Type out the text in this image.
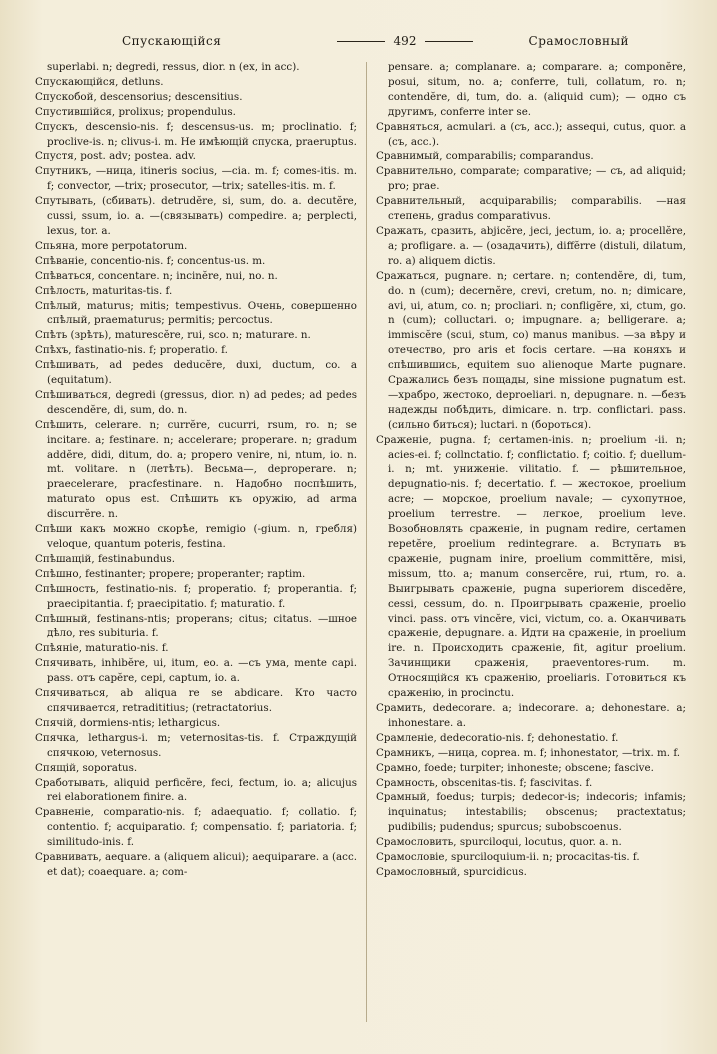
Спускающійся	492	Срамословный

superlabi. n; degredi, ressus, dior. n (ex, in acc).

Спускающійся, detluns.

Спускобой, descensorius; descensitius.

Спустившійся, prolixus; propendulus.

Спускъ, descensio-nis. f; descensus-us. m; proclinatio. f; proclive-is. n; clivus-i. m. Не имѣющій спуска, praeruptus.

Спустя, post. adv; postea. adv.

Спутникъ, —ница, itineris socius, —cia. m. f; comes-itis. m. f; convector, —trix; prosecutor, —trix; satelles-itis. m. f.

Спутывать, (сбивать). detrudĕre, si, sum, do. a. decutĕre, cussi, ssum, io. a. —(связывать) compedire. a; perplecti, lexus, tor. a.

Спьяна, more perpotatorum.

Спѣваніе, concentio-nis. f; concentus-us. m.

Спѣваться, concentare. n; incinĕre, nui, no. n.

Спѣлость, maturitas-tis. f.

Спѣлый, maturus; mitis; tempestivus. Очень, совершенно спѣлый, praematurus; permitis; percoctus.

Спѣть (зрѣть), maturescĕre, rui, sco. n; maturare. n.

Спѣхъ, fastinatio-nis. f; properatio. f.

Спѣшивать, ad pedes deducĕre, duxi, ductum, co. a (equitatum).

Спѣшиваться, degredi (gressus, dior. n) ad pedes; ad pedes descendĕre, di, sum, do. n.

Спѣшить, celerare. n; currĕre, cucurri, rsum, ro. n; se incitare. a; festinare. n; accelerare; properare. n; gradum addĕre, didi, ditum, do. a; propero venire, ni, ntum, io. n. mt. volitare. n (летѣть). Весьма—, deproperare. n; praecelerare, pracfestinare. n. Надобно поспѣшить, maturato opus est. Спѣшить къ оружію, ad arma discurrĕre. n.

Спѣши какъ можно скорѣе, remigio (-gium. n, гребля) veloque, quantum poteris, festina.

Спѣшащій, festinabundus.

Спѣшно, festinanter; propere; properanter; raptim.

Спѣшность, festinatio-nis. f; properatio. f; properantia. f; praecipitantia. f; praecipitatio. f; maturatio. f.

Спѣшный, festinans-ntis; properans; citus; citatus. —шное дѣло, res subituria. f.

Спѣяніе, maturatio-nis. f.

Спячивать, inhibĕre, ui, itum, eo. a. —съ ума, mente capi. pass. отъ capĕre, cepi, captum, io. a.

Спячиваться, ab aliqua re se abdicare. Кто часто спячивается, retradititius; (retractatorius.

Спячій, dormiens-ntis; lethargicus.

Спячка, lethargus-i. m; veternositas-tis. f. Страждущій спячкою, veternosus.

Спящій, soporatus.

Сработывать, aliquid perficĕre, feci, fectum, io. a; alicujus rei elaborationem finire. a.

Сравненіе, comparatio-nis. f; adaequatio. f; collatio. f; contentio. f; acquiparatio. f; compensatio. f; pariatoria. f; similitudo-inis. f.

Сравнивать, aequare. a (aliquem alicui); aequiparare. a (acc. et dat); coaequare. a; com-

pensare. a; complanare. a; comparare. a; componĕre, posui, situm, no. a; conferre, tuli, collatum, ro. n; contendĕre, di, tum, do. a. (aliquid cum); — одно съ другимъ, conferre inter se.

Сравняться, acmulari. a (съ, acc.); assequi, cutus, quor. a (съ, acc.).

Сравнимый, comparabilis; comparandus.

Сравнительно, comparate; comparative; — съ, ad aliquid; pro; prae.

Сравнительный, acquiparabilis; comparabilis. —ная степень, gradus comparativus.

Сражать, сразить, abjicĕre, jeci, jectum, io. a; procellĕre, a; profligare. a. — (озадачить), diffĕrre (distuli, dilatum, ro. a) aliquem dictis.

Сражаться, pugnare. n; certare. n; contendĕre, di, tum, do. n (cum); decernĕre, crevi, cretum, no. n; dimicare, avi, ui, atum, co. n; procliari. n; confligĕre, xi, ctum, go. n (cum); colluctari. o; impugnare. a; belligerare. a; immiscĕre (scui, stum, co) manus manibus. —за вѣру и отечество, pro aris et focis certare. —на коняхъ и спѣшившись, equitem suo alienoque Marte pugnare. Сражались безъ пощады, sine missione pugnatum est. —храбро, жестоко, deproeliari. n, depugnare. n. —безъ надежды побѣдить, dimicare. n. trp. conflictari. pass. (сильно биться); luctari. n (бороться).

Сраженіе, pugna. f; certamen-inis. n; proelium -ii. n; acies-ei. f; collnctatio. f; conflictatio. f; coitio. f; duellum-i. n; mt. униженіе. vilitatio. f. — рѣшительное, depugnatio-nis. f; decertatio. f. — жестокое, proelium acre; — морское, proelium navale; — сухопутное, proelium terrestre. — легкое, proelium leve. Возобновлять сраженіе, in pugnam redire, certamen repetĕre, proelium redintegrare. a. Вступать въ сраженіе, pugnam inire, proelium committĕre, misi, missum, tto. a; manum consercĕre, rui, rtum, ro. a. Выигрывать сраженіе, pugna superiorem discedĕre, cessi, cessum, do. n. Проигрывать сраженіе, proelio vinci. pass. отъ vincĕre, vici, victum, co. a. Оканчивать сраженіе, depugnare. a. Идти на сраженіе, in proelium ire. n. Происходить сраженіе, fit, agitur proelium. Зачинщики сраженія, praeventores-rum. m. Относящійся къ сраженію, proeliaris. Готовиться къ сраженію, in procinctu.

Срамить, dedecorare. a; indecorare. a; dehonestare. a; inhonestare. a.

Срамленіе, dedecoratio-nis. f; dehonestatio. f.

Срамникъ, —ница, coprea. m. f; inhonestator, —trix. m. f.

Срамно, foede; turpiter; inhoneste; obscene; fascive.

Срамность, obscenitas-tis. f; fascivitas. f.

Срамный, foedus; turpis; dedecor-is; indecoris; infamis; inquinatus; intestabilis; obscenus; practextatus; pudibilis; pudendus; spurcus; subobscoenus.

Срамословить, spurciloqui, locutus, quor. a. n.

Срамословіе, spurciloquium-ii. n; procacitas-tis. f.

Срамословный, spurcidicus.
